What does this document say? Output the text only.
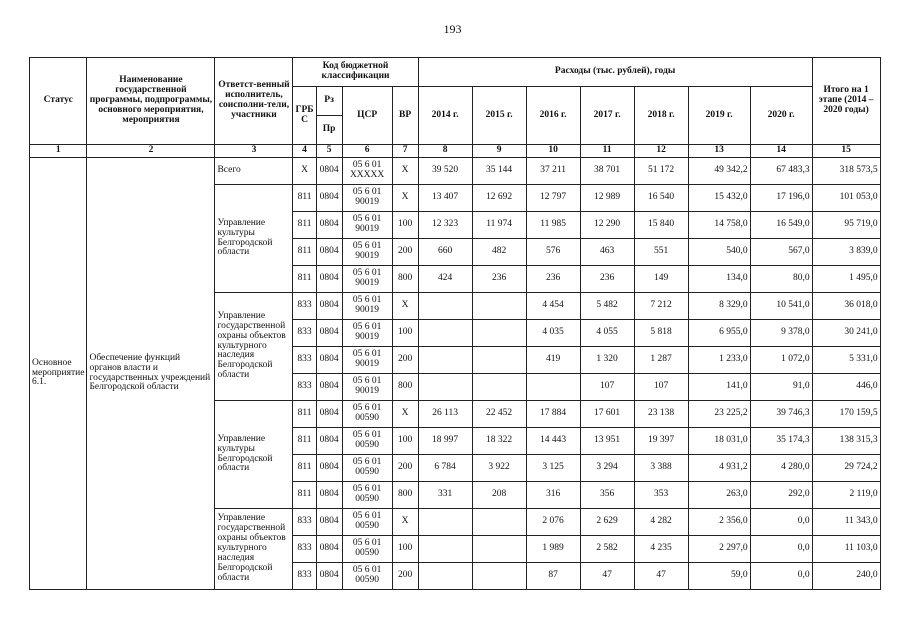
193
Статус	Наименование государственной программы, подпрограммы, основного мероприятия, мероприятия	Ответст-венный исполнитель, соисполни-тели, участники	Код бюджетной классификации				Расходы (тыс. рублей), годы							Итого на 1 этапе (2014 – 2020 годы)
			ГРБ С	Рз	ЦСР	ВР	2014 г.	2015 г.	2016 г.	2017 г.	2018 г.	2019 г.	2020 г.	
				Пр										
1	2	3	4	5	6	7	8	9	10	11	12	13	14	15
Основное мероприятие 6.1.	Обеспечение функций органов власти и государственных учреждений Белгородской области	Всего	Х	0804	05 6 01 ХХХХХ	Х	39 520	35 144	37 211	38 701	51 172	49 342,2	67 483,3	318 573,5
		Управление культуры Белгородской области	811	0804	05 6 01 90019	Х	13 407	12 692	12 797	12 989	16 540	15 432,0	17 196,0	101 053,0
			811	0804	05 6 01 90019	100	12 323	11 974	11 985	12 290	15 840	14 758,0	16 549,0	95 719,0
			811	0804	05 6 01 90019	200	660	482	576	463	551	540,0	567,0	3 839,0
			811	0804	05 6 01 90019	800	424	236	236	236	149	134,0	80,0	1 495,0
		Управление государственной охраны объектов культурного наследия Белгородской области	833	0804	05 6 01 90019	Х			4 454	5 482	7 212	8 329,0	10 541,0	36 018,0
			833	0804	05 6 01 90019	100			4 035	4 055	5 818	6 955,0	9 378,0	30 241,0
			833	0804	05 6 01 90019	200			419	1 320	1 287	1 233,0	1 072,0	5 331,0
			833	0804	05 6 01 90019	800				107	107	141,0	91,0	446,0
		Управление культуры Белгородской области	811	0804	05 6 01 00590	Х	26 113	22 452	17 884	17 601	23 138	23 225,2	39 746,3	170 159,5
			811	0804	05 6 01 00590	100	18 997	18 322	14 443	13 951	19 397	18 031,0	35 174,3	138 315,3
			811	0804	05 6 01 00590	200	6 784	3 922	3 125	3 294	3 388	4 931,2	4 280,0	29 724,2
			811	0804	05 6 01 00590	800	331	208	316	356	353	263,0	292,0	2 119,0
		Управление государственной охраны объектов культурного наследия Белгородской области	833	0804	05 6 01 00590	Х			2 076	2 629	4 282	2 356,0	0,0	11 343,0
			833	0804	05 6 01 00590	100			1 989	2 582	4 235	2 297,0	0,0	11 103,0
			833	0804	05 6 01 00590	200			87	47	47	59,0	0,0	240,0
